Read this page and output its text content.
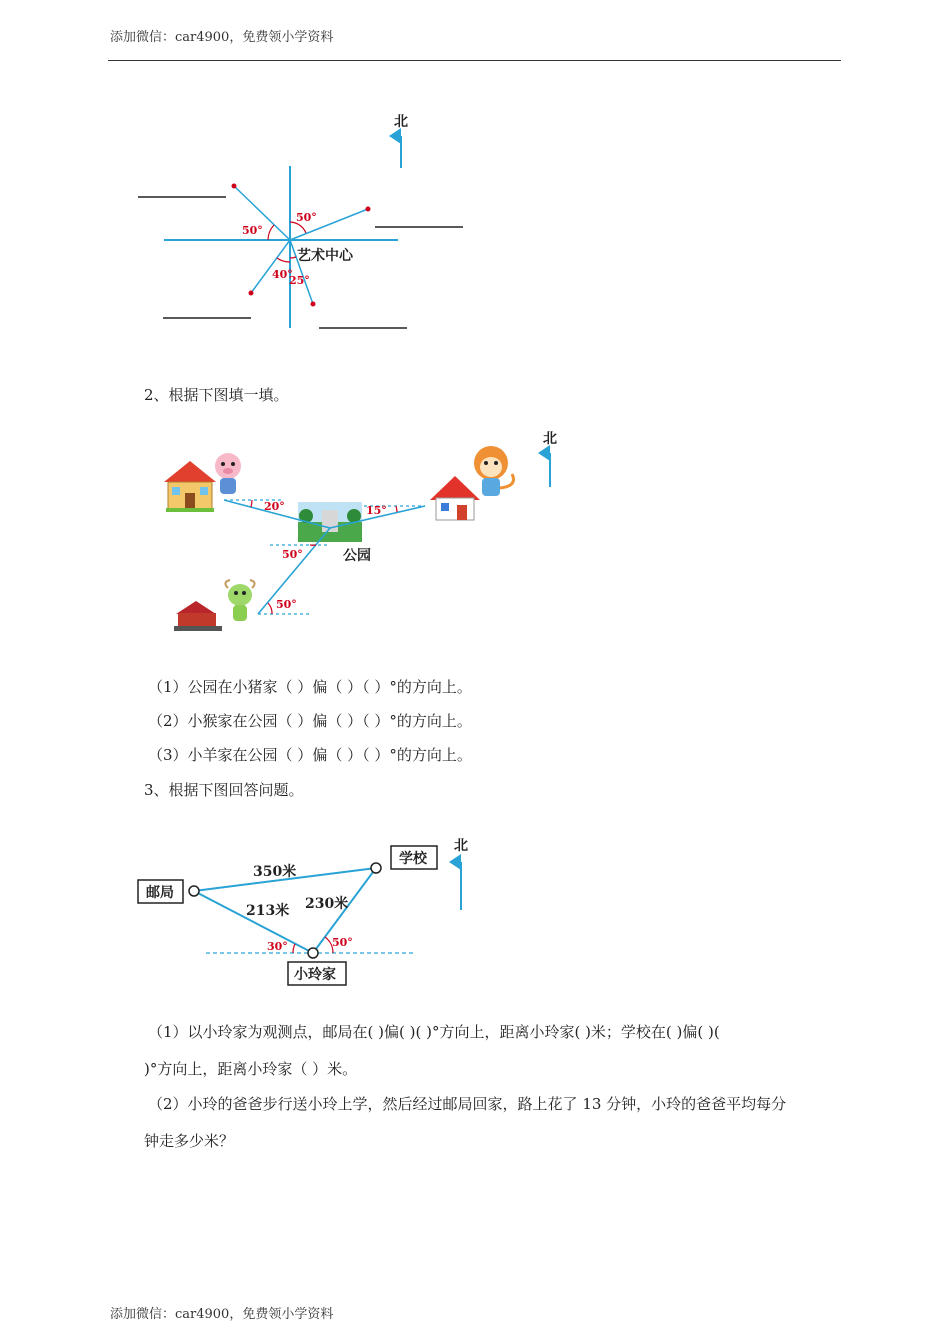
添加微信：car4900，免费领小学资料
添加微信：car4900，免费领小学资料
北
50°
50°
40°
25°
艺术中心
2、根据下图填一填。
北
公园
20°	15°
50°
50°
（1）公园在小猪家（ ）偏（ ）（ ）°的方向上。
（2）小猴家在公园（ ）偏（ ）（ ）°的方向上。
（3）小羊家在公园（ ）偏（ ）（ ）°的方向上。
3、根据下图回答问题。
北
邮局
学校
小玲家
350米
213米 230米
30°	50°
（1）以小玲家为观测点，邮局在( )偏( )( )°方向上，距离小玲家( )米；学校在( )偏( )(
)°方向上，距离小玲家（ ）米。
（2）小玲的爸爸步行送小玲上学，然后经过邮局回家，路上花了 13 分钟，小玲的爸爸平均每分
钟走多少米？
